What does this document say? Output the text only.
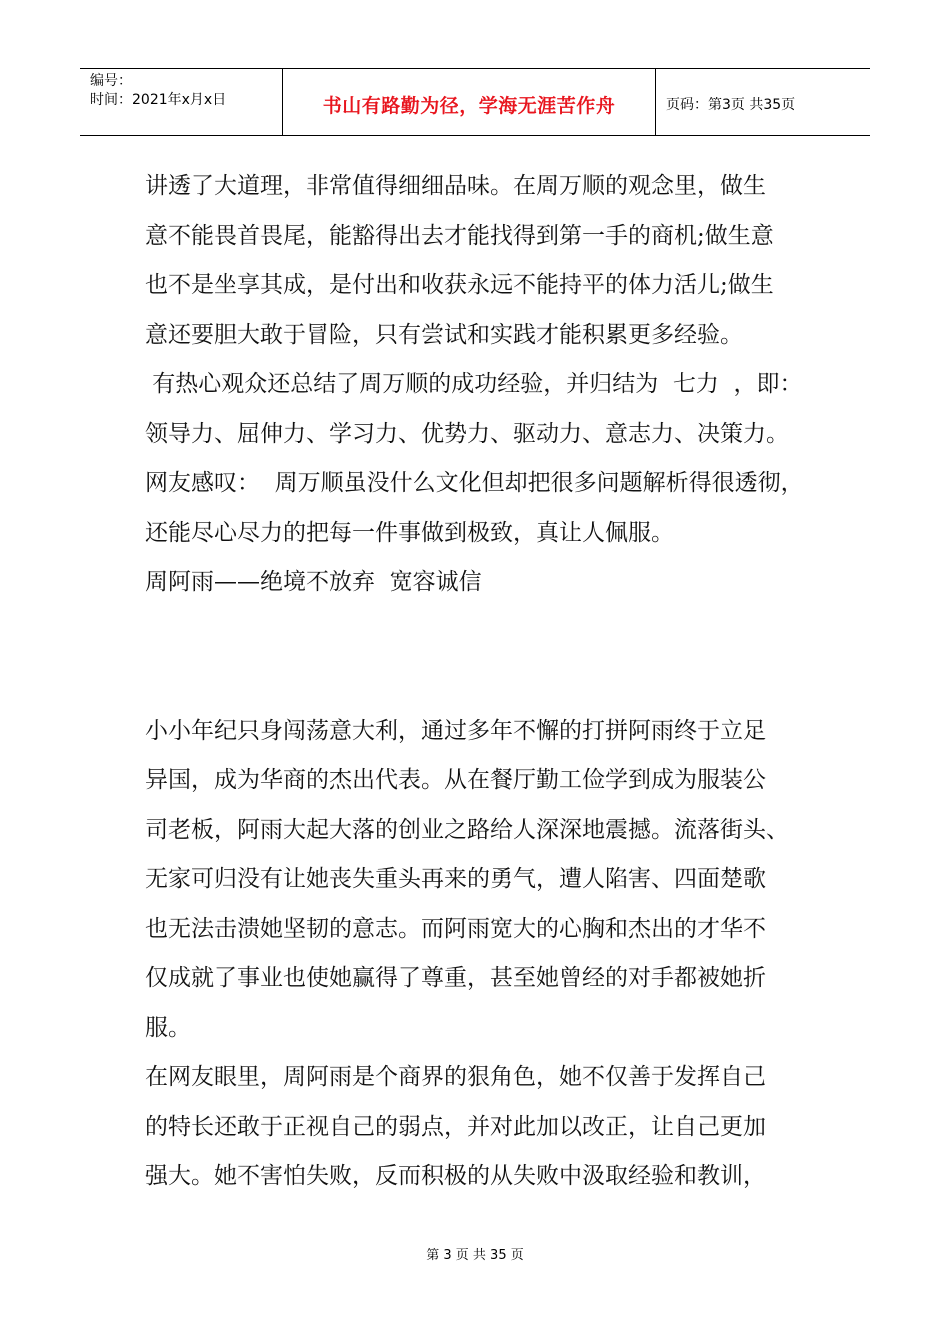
编号：
时间：2021年x月x日	书山有路勤为径，学海无涯苦作舟	页码：第3页 共35页

讲透了大道理，非常值得细细品味。在周万顺的观念里，做生

意不能畏首畏尾，能豁得出去才能找得到第一手的商机;做生意

也不是坐享其成，是付出和收获永远不能持平的体力活儿;做生

意还要胆大敢于冒险，只有尝试和实践才能积累更多经验。

有热心观众还总结了周万顺的成功经验，并归结为  七力  ，即：

领导力、屈伸力、学习力、优势力、驱动力、意志力、决策力。

网友感叹：  周万顺虽没什么文化但却把很多问题解析得很透彻，

还能尽心尽力的把每一件事做到极致，真让人佩服。

周阿雨——绝境不放弃  宽容诚信

小小年纪只身闯荡意大利，通过多年不懈的打拼阿雨终于立足

异国，成为华商的杰出代表。从在餐厅勤工俭学到成为服装公

司老板，阿雨大起大落的创业之路给人深深地震撼。流落街头、

无家可归没有让她丧失重头再来的勇气，遭人陷害、四面楚歌

也无法击溃她坚韧的意志。而阿雨宽大的心胸和杰出的才华不

仅成就了事业也使她赢得了尊重，甚至她曾经的对手都被她折

服。

在网友眼里，周阿雨是个商界的狠角色，她不仅善于发挥自己

的特长还敢于正视自己的弱点，并对此加以改正，让自己更加

强大。她不害怕失败，反而积极的从失败中汲取经验和教训，

第 3 页 共 35 页
